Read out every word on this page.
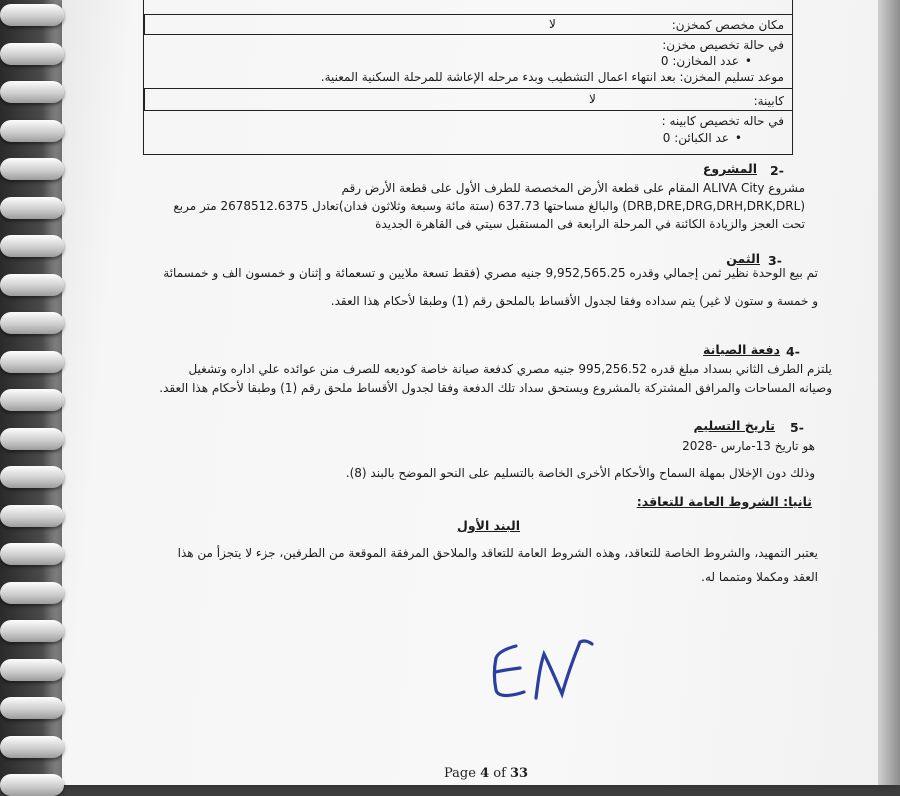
مكان مخصص كمخزن:
لا
في حالة تخصيص مخزن:
• عدد المخازن: 0
موعد تسليم المخزن: بعد انتهاء اعمال التشطيب وبدء مرحله الإعاشة للمرحلة السكنية المعنية.
كابينة:
لا
في حاله تخصيص كابينه :
• عد الكبائن: 0
2-
المشروع
مشروع ALIVA City المقام على قطعة الأرض المخصصة للطرف الأول على قطعة الأرض رقم
(DRB,DRE,DRG,DRH,DRK,DRL) والبالغ مساحتها 637.73 (ستة مائة وسبعة وثلاثون فدان)تعادل 2678512.6375 متر مربع
تحت العجز والزيادة الكائنة في المرحلة الرابعة فى المستقبل سيتي فى القاهرة الجديدة
3-
الثمن
تم بيع الوحدة نظير ثمن إجمالي وقدره 9,952,565.25 جنيه مصري (فقط تسعة ملايين و تسعمائة و إثنان و خمسون الف و خمسمائة
و خمسة و ستون لا غير) يتم سداده وفقا لجدول الأقساط بالملحق رقم (1) وطبقا لأحكام هذا العقد.
4-
دفعة الصيانة
يلتزم الطرف الثاني بسداد مبلغ قدره 995,256.52 جنيه مصري كدفعة صيانة خاصة كوديعه للصرف منن عوائده علي اداره وتشغيل
وصيانه المساحات والمرافق المشتركة بالمشروع ويستحق سداد تلك الدفعة وفقا لجدول الأقساط ملحق رقم (1) وطبقا لأحكام هذا العقد.
5-
تاريخ التسليم
هو تاريخ 13-مارس -2028
وذلك دون الإخلال بمهلة السماح والأحكام الأخرى الخاصة بالتسليم على النحو الموضح بالبند (8).
ثانيا: الشروط العامة للتعاقد:
البند الأول
يعتبر التمهيد، والشروط الخاصة للتعاقد، وهذه الشروط العامة للتعاقد والملاحق المرفقة الموقعة من الطرفين، جزء لا يتجزأ من هذا
العقد ومكملا ومتمما له.
Page 4 of 33
